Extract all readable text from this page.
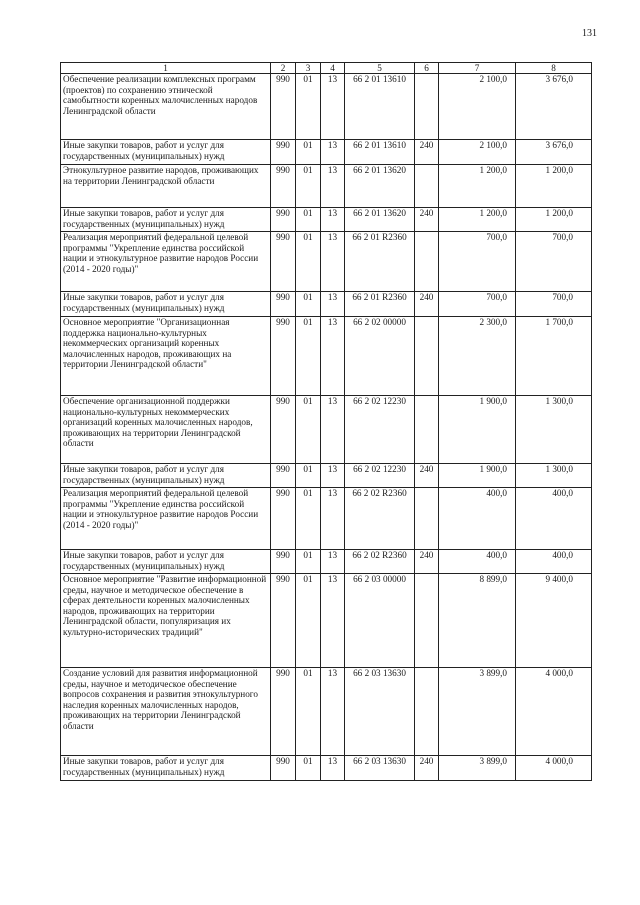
131
1	2	3	4	5	6	7	8
Обеспечение реализации комплексных программ (проектов) по сохранению этнической самобытности коренных малочисленных народов Ленинградской области	990	01	13	66 2 01 13610		2 100,0	3 676,0
Иные закупки товаров, работ и услуг для государственных (муниципальных) нужд	990	01	13	66 2 01 13610	240	2 100,0	3 676,0
Этнокультурное развитие народов, проживающих на территории Ленинградской области	990	01	13	66 2 01 13620		1 200,0	1 200,0
Иные закупки товаров, работ и услуг для государственных (муниципальных) нужд	990	01	13	66 2 01 13620	240	1 200,0	1 200,0
Реализация мероприятий федеральной целевой программы "Укрепление единства российской нации и этнокультурное развитие народов России (2014 - 2020 годы)"	990	01	13	66 2 01 R2360		700,0	700,0
Иные закупки товаров, работ и услуг для государственных (муниципальных) нужд	990	01	13	66 2 01 R2360	240	700,0	700,0
Основное мероприятие "Организационная поддержка национально-культурных некоммерческих организаций коренных малочисленных народов, проживающих на территории Ленинградской области"	990	01	13	66 2 02 00000		2 300,0	1 700,0
Обеспечение организационной поддержки национально-культурных некоммерческих организаций коренных малочисленных народов, проживающих на территории Ленинградской области	990	01	13	66 2 02 12230		1 900,0	1 300,0
Иные закупки товаров, работ и услуг для государственных (муниципальных) нужд	990	01	13	66 2 02 12230	240	1 900,0	1 300,0
Реализация мероприятий федеральной целевой программы "Укрепление единства российской нации и этнокультурное развитие народов России (2014 - 2020 годы)"	990	01	13	66 2 02 R2360		400,0	400,0
Иные закупки товаров, работ и услуг для государственных (муниципальных) нужд	990	01	13	66 2 02 R2360	240	400,0	400,0
Основное мероприятие "Развитие информационной среды, научное и методическое обеспечение в сферах деятельности коренных малочисленных народов, проживающих на территории Ленинградской области, популяризация их культурно-исторических традиций"	990	01	13	66 2 03 00000		8 899,0	9 400,0
Создание условий для развития информационной среды, научное и методическое обеспечение вопросов сохранения и развития этнокультурного наследия коренных малочисленных народов, проживающих на территории Ленинградской области	990	01	13	66 2 03 13630		3 899,0	4 000,0
Иные закупки товаров, работ и услуг для государственных (муниципальных) нужд	990	01	13	66 2 03 13630	240	3 899,0	4 000,0
